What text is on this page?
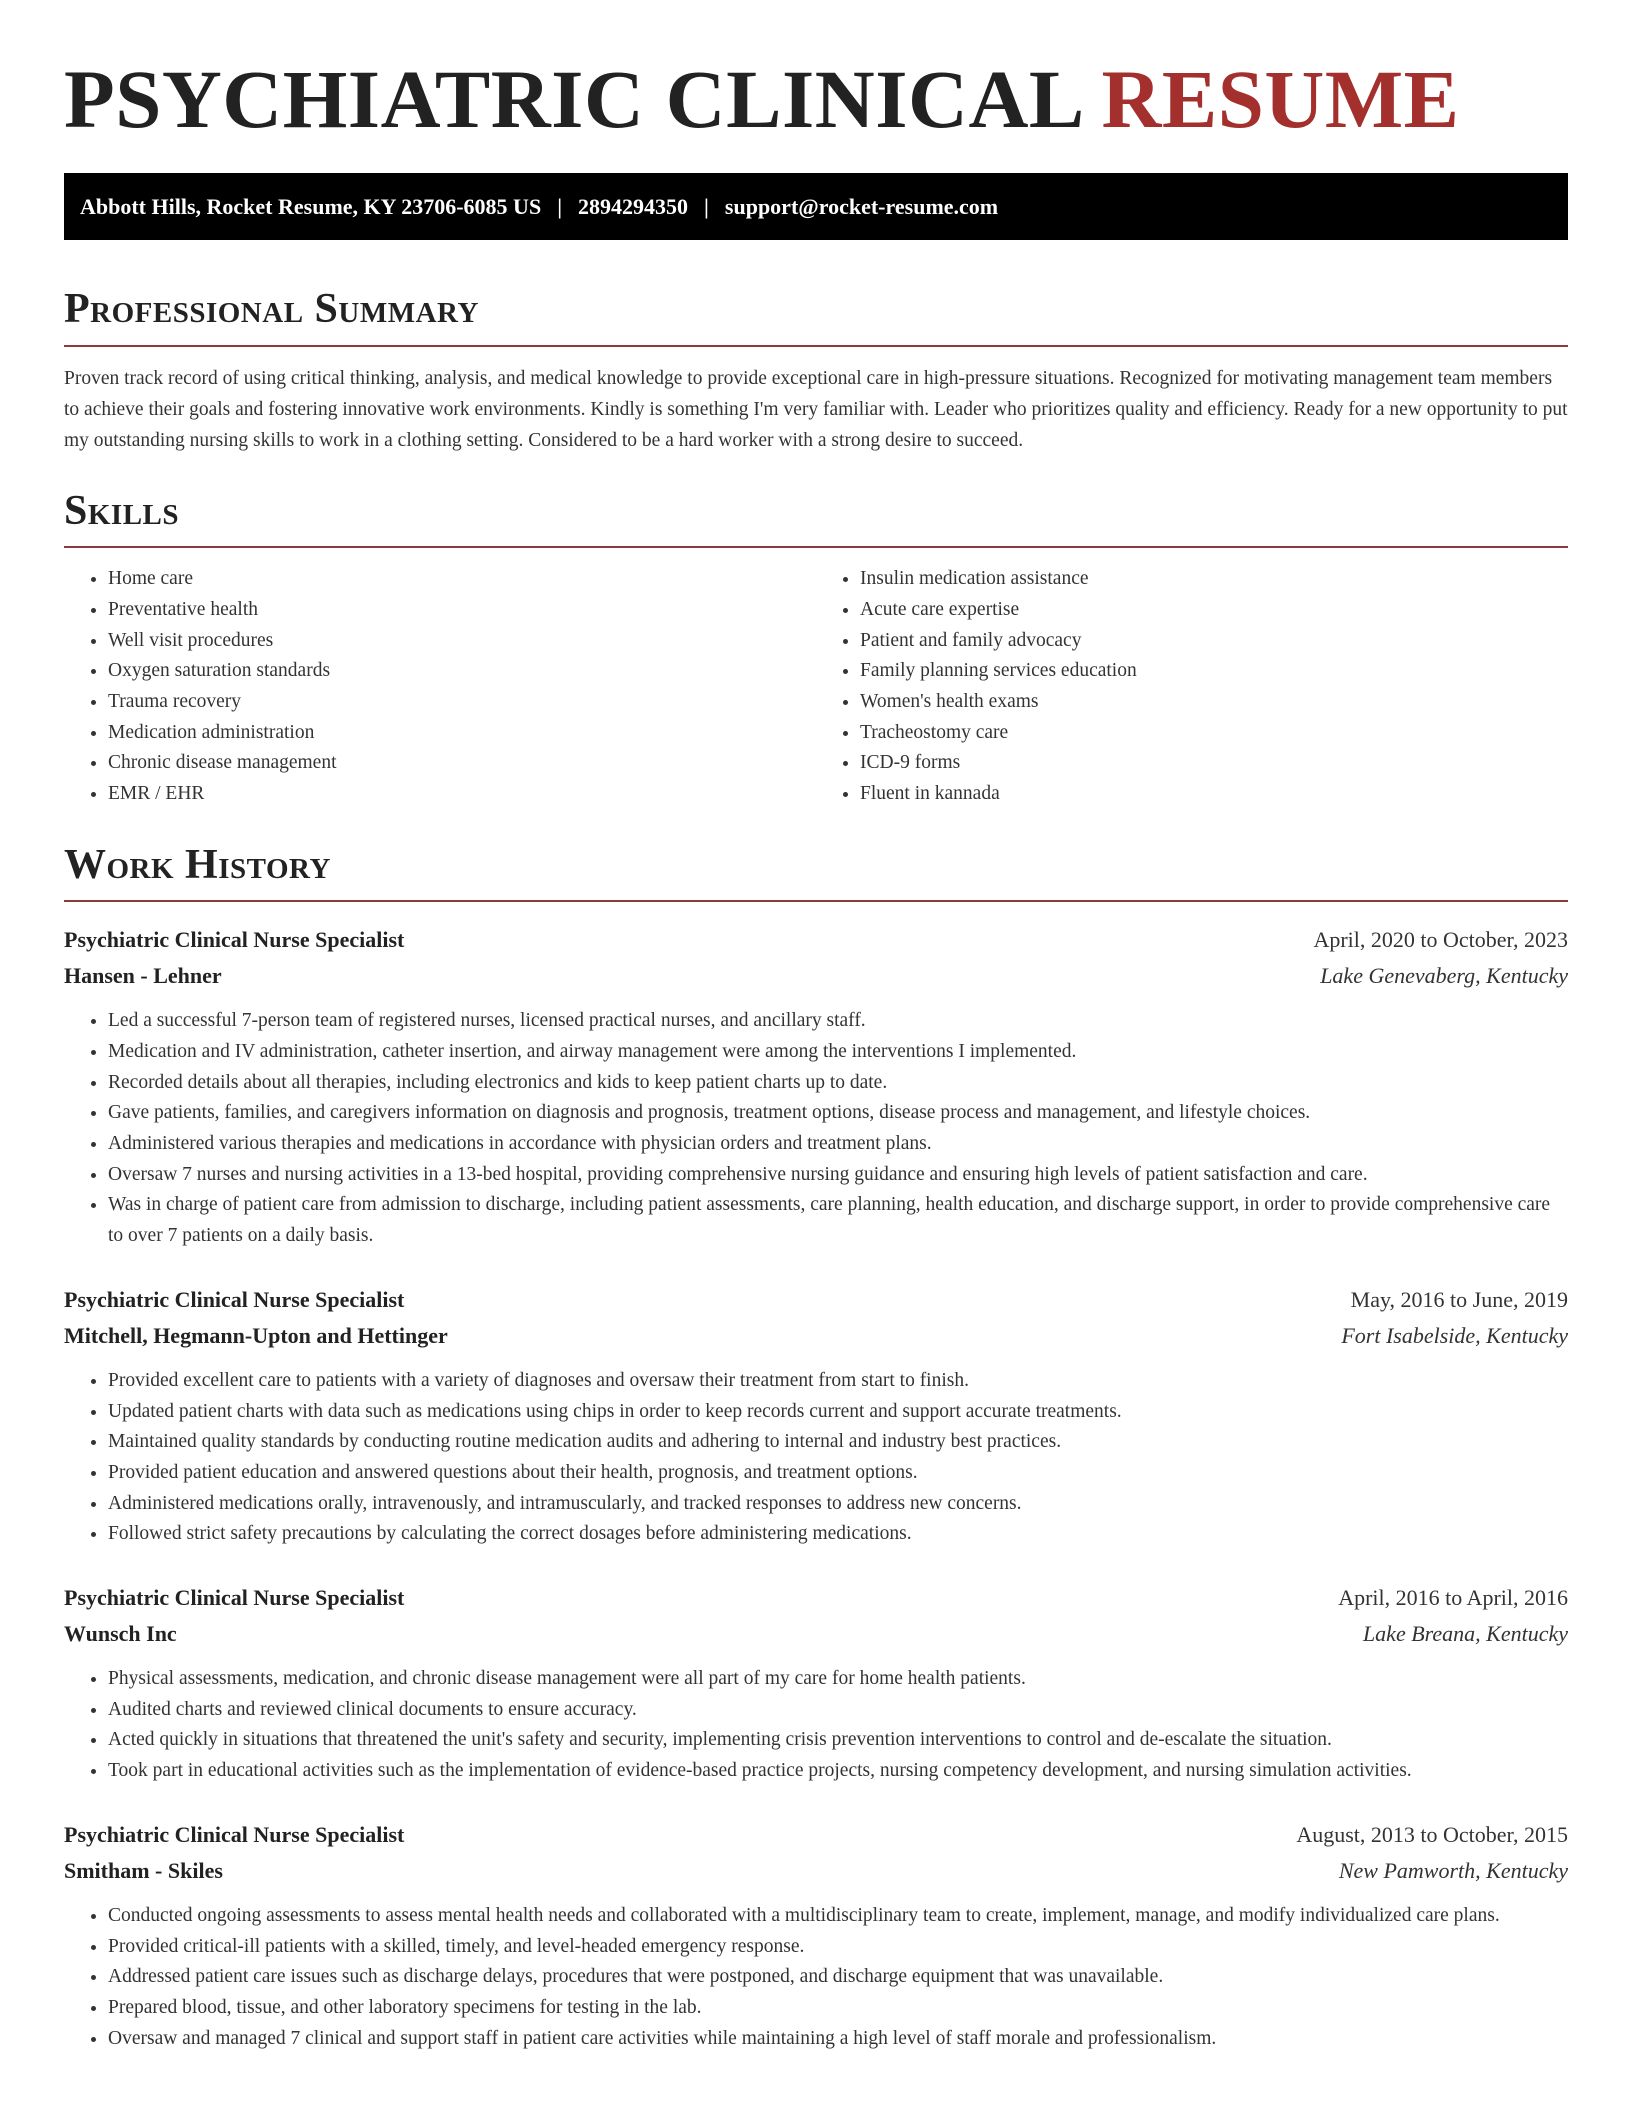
PSYCHIATRIC CLINICAL RESUME
Abbott Hills, Rocket Resume, KY 23706-6085 US | 2894294350 | support@rocket-resume.com
Professional Summary

Proven track record of using critical thinking, analysis, and medical knowledge to provide exceptional care in high-pressure situations. Recognized for motivating management team members to achieve their goals and fostering innovative work environments. Kindly is something I'm very familiar with. Leader who prioritizes quality and efficiency. Ready for a new opportunity to put my outstanding nursing skills to work in a clothing setting. Considered to be a hard worker with a strong desire to succeed.

Skills
• Home care
• Preventative health
• Well visit procedures
• Oxygen saturation standards
• Trauma recovery
• Medication administration
• Chronic disease management
• EMR / EHR
• Insulin medication assistance
• Acute care expertise
• Patient and family advocacy
• Family planning services education
• Women's health exams
• Tracheostomy care
• ICD-9 forms
• Fluent in kannada
Work History
Psychiatric Clinical Nurse Specialist	April, 2020 to October, 2023
Hansen - Lehner	Lake Genevaberg, Kentucky
• Led a successful 7-person team of registered nurses, licensed practical nurses, and ancillary staff.
• Medication and IV administration, catheter insertion, and airway management were among the interventions I implemented.
• Recorded details about all therapies, including electronics and kids to keep patient charts up to date.
• Gave patients, families, and caregivers information on diagnosis and prognosis, treatment options, disease process and management, and lifestyle choices.
• Administered various therapies and medications in accordance with physician orders and treatment plans.
• Oversaw 7 nurses and nursing activities in a 13-bed hospital, providing comprehensive nursing guidance and ensuring high levels of patient satisfaction and care.
• Was in charge of patient care from admission to discharge, including patient assessments, care planning, health education, and discharge support, in order to provide comprehensive care to over 7 patients on a daily basis.
Psychiatric Clinical Nurse Specialist	May, 2016 to June, 2019
Mitchell, Hegmann-Upton and Hettinger	Fort Isabelside, Kentucky
• Provided excellent care to patients with a variety of diagnoses and oversaw their treatment from start to finish.
• Updated patient charts with data such as medications using chips in order to keep records current and support accurate treatments.
• Maintained quality standards by conducting routine medication audits and adhering to internal and industry best practices.
• Provided patient education and answered questions about their health, prognosis, and treatment options.
• Administered medications orally, intravenously, and intramuscularly, and tracked responses to address new concerns.
• Followed strict safety precautions by calculating the correct dosages before administering medications.
Psychiatric Clinical Nurse Specialist	April, 2016 to April, 2016
Wunsch Inc	Lake Breana, Kentucky
• Physical assessments, medication, and chronic disease management were all part of my care for home health patients.
• Audited charts and reviewed clinical documents to ensure accuracy.
• Acted quickly in situations that threatened the unit's safety and security, implementing crisis prevention interventions to control and de-escalate the situation.
• Took part in educational activities such as the implementation of evidence-based practice projects, nursing competency development, and nursing simulation activities.
Psychiatric Clinical Nurse Specialist	August, 2013 to October, 2015
Smitham - Skiles	New Pamworth, Kentucky
• Conducted ongoing assessments to assess mental health needs and collaborated with a multidisciplinary team to create, implement, manage, and modify individualized care plans.
• Provided critical-ill patients with a skilled, timely, and level-headed emergency response.
• Addressed patient care issues such as discharge delays, procedures that were postponed, and discharge equipment that was unavailable.
• Prepared blood, tissue, and other laboratory specimens for testing in the lab.
• Oversaw and managed 7 clinical and support staff in patient care activities while maintaining a high level of staff morale and professionalism.
